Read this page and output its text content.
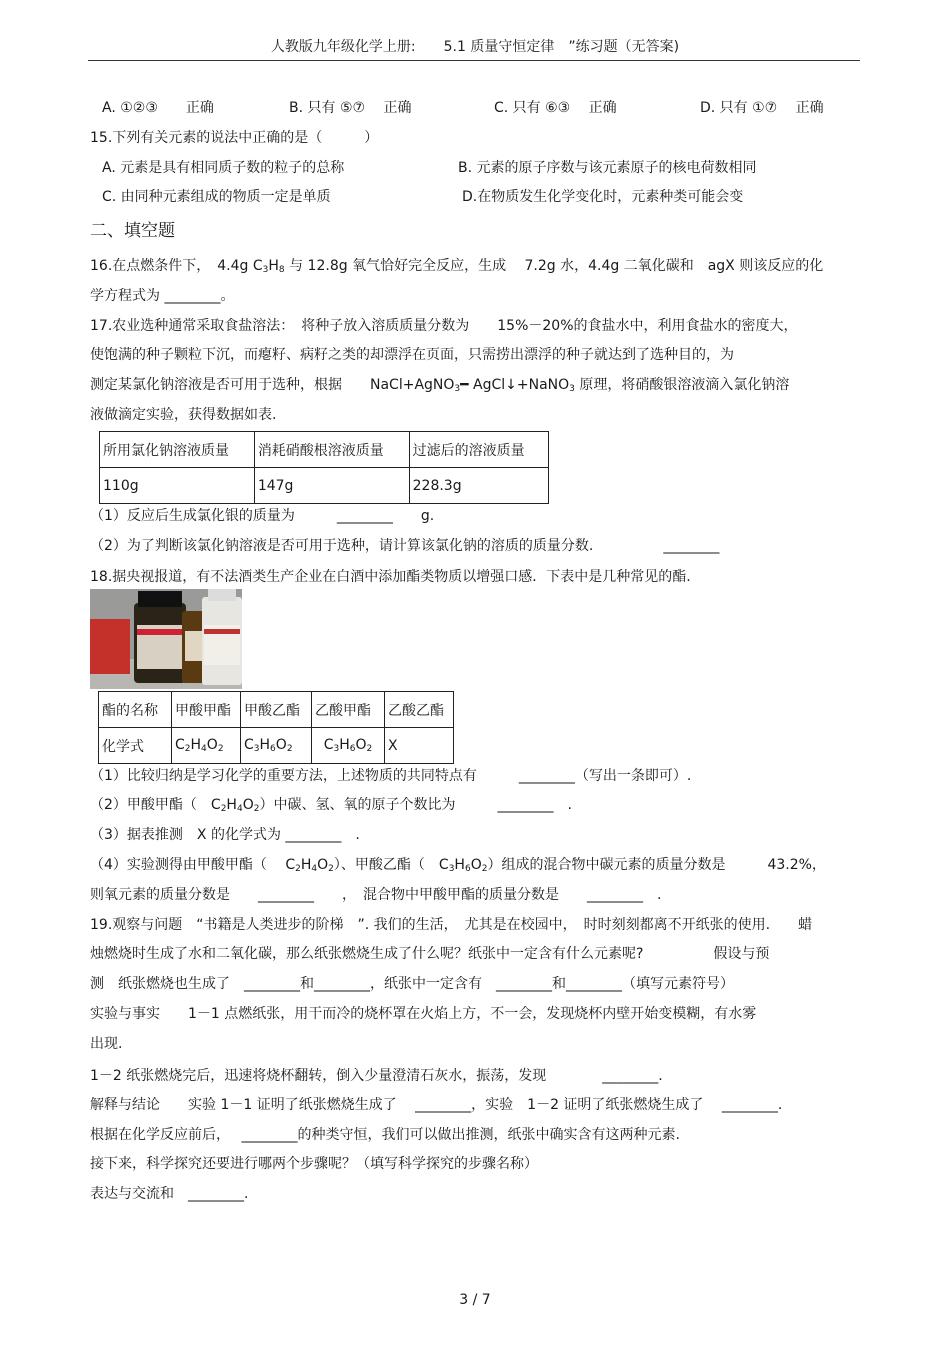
人教版九年级化学上册:　　5.1 质量守恒定律　”练习题（无答案)
A. ①②③　　正确	B. 只有 ⑤⑦　 正确	C. 只有 ⑥③　 正确	D. 只有 ①⑦　 正确
15.下列有关元素的说法中正确的是（　　　）
A. 元素是具有相同质子数的粒子的总称	B. 元素的原子序数与该元素原子的核电荷数相同
C. 由同种元素组成的物质一定是单质	D.在物质发生化学变化时，元素种类可能会变
二、填空题
16.在点燃条件下，　4.4g $C_3H_8$ 与 12.8g 氧气恰好完全反应，生成　 7.2g 水，4.4g 二氧化碳和　agX 则该反应的化
学方程式为 ________。
17.农业选种通常采取食盐溶法：　将种子放入溶质质量分数为　　15%－20%的食盐水中，利用食盐水的密度大，
使饱满的种子颗粒下沉，而瘪籽、病籽之类的却漂浮在页面，只需捞出漂浮的种子就达到了选种目的，为
测定某氯化钠溶液是否可用于选种，根据　　NaCl+AgNO$_3$━ AgCl↓+NaNO$_3$ 原理，将硝酸银溶液滴入氯化钠溶
液做滴定实验，获得数据如表.
所用氯化钠溶液质量	消耗硝酸根溶液质量	过滤后的溶液质量
110g	147g	228.3g
（1）反应后生成氯化银的质量为　　　________　　g.
（2）为了判断该氯化钠溶液是否可用于选种，请计算该氯化钠的溶质的质量分数.　　　　　________
18.据央视报道，有不法酒类生产企业在白酒中添加酯类物质以增强口感．下表中是几种常见的酯.
酯的名称	甲酸甲酯	甲酸乙酯	乙酸甲酯	乙酸乙酯
化学式	$C_2H_4O_2$	$C_3H_6O_2$	$C_3H_6O_2$	X
（1）比较归纳是学习化学的重要方法，上述物质的共同特点有　　　________（写出一条即可）.
（2）甲酸甲酯（　$C_2H_4O_2$）中碳、氢、氧的原子个数比为　　　________　.
（3）据表推测　X 的化学式为 ________　.
（4）实验测得由甲酸甲酯（　 $C_2H_4O_2$）、甲酸乙酯（　$C_3H_6O_2$）组成的混合物中碳元素的质量分数是　　　43.2%，
则氧元素的质量分数是　　________　　，　混合物中甲酸甲酯的质量分数是　　________　.
19.观察与问题　“书籍是人类进步的阶梯　”. 我们的生活，　尤其是在校园中，　时时刻刻都离不开纸张的使用.　　蜡
烛燃烧时生成了水和二氧化碳，那么纸张燃烧生成了什么呢？纸张中一定含有什么元素呢?　　　　　假设与预
测　纸张燃烧也生成了　________和________，纸张中一定含有　________和________（填写元素符号）
实验与事实　　1－1 点燃纸张，用干而冷的烧杯罩在火焰上方，不一会，发现烧杯内壁开始变模糊，有水雾
出现.
1－2 纸张燃烧完后，迅速将烧杯翻转，倒入少量澄清石灰水，振荡，发现　　　　________.
解释与结论　　实验 1－1 证明了纸张燃烧生成了　 ________，实验　1－2 证明了纸张燃烧生成了　 ________.
根据在化学反应前后，　 ________的种类守恒，我们可以做出推测，纸张中确实含有这两种元素.
接下来，科学探究还要进行哪两个步骤呢？（填写科学探究的步骤名称）
表达与交流和　________.
3 / 7
